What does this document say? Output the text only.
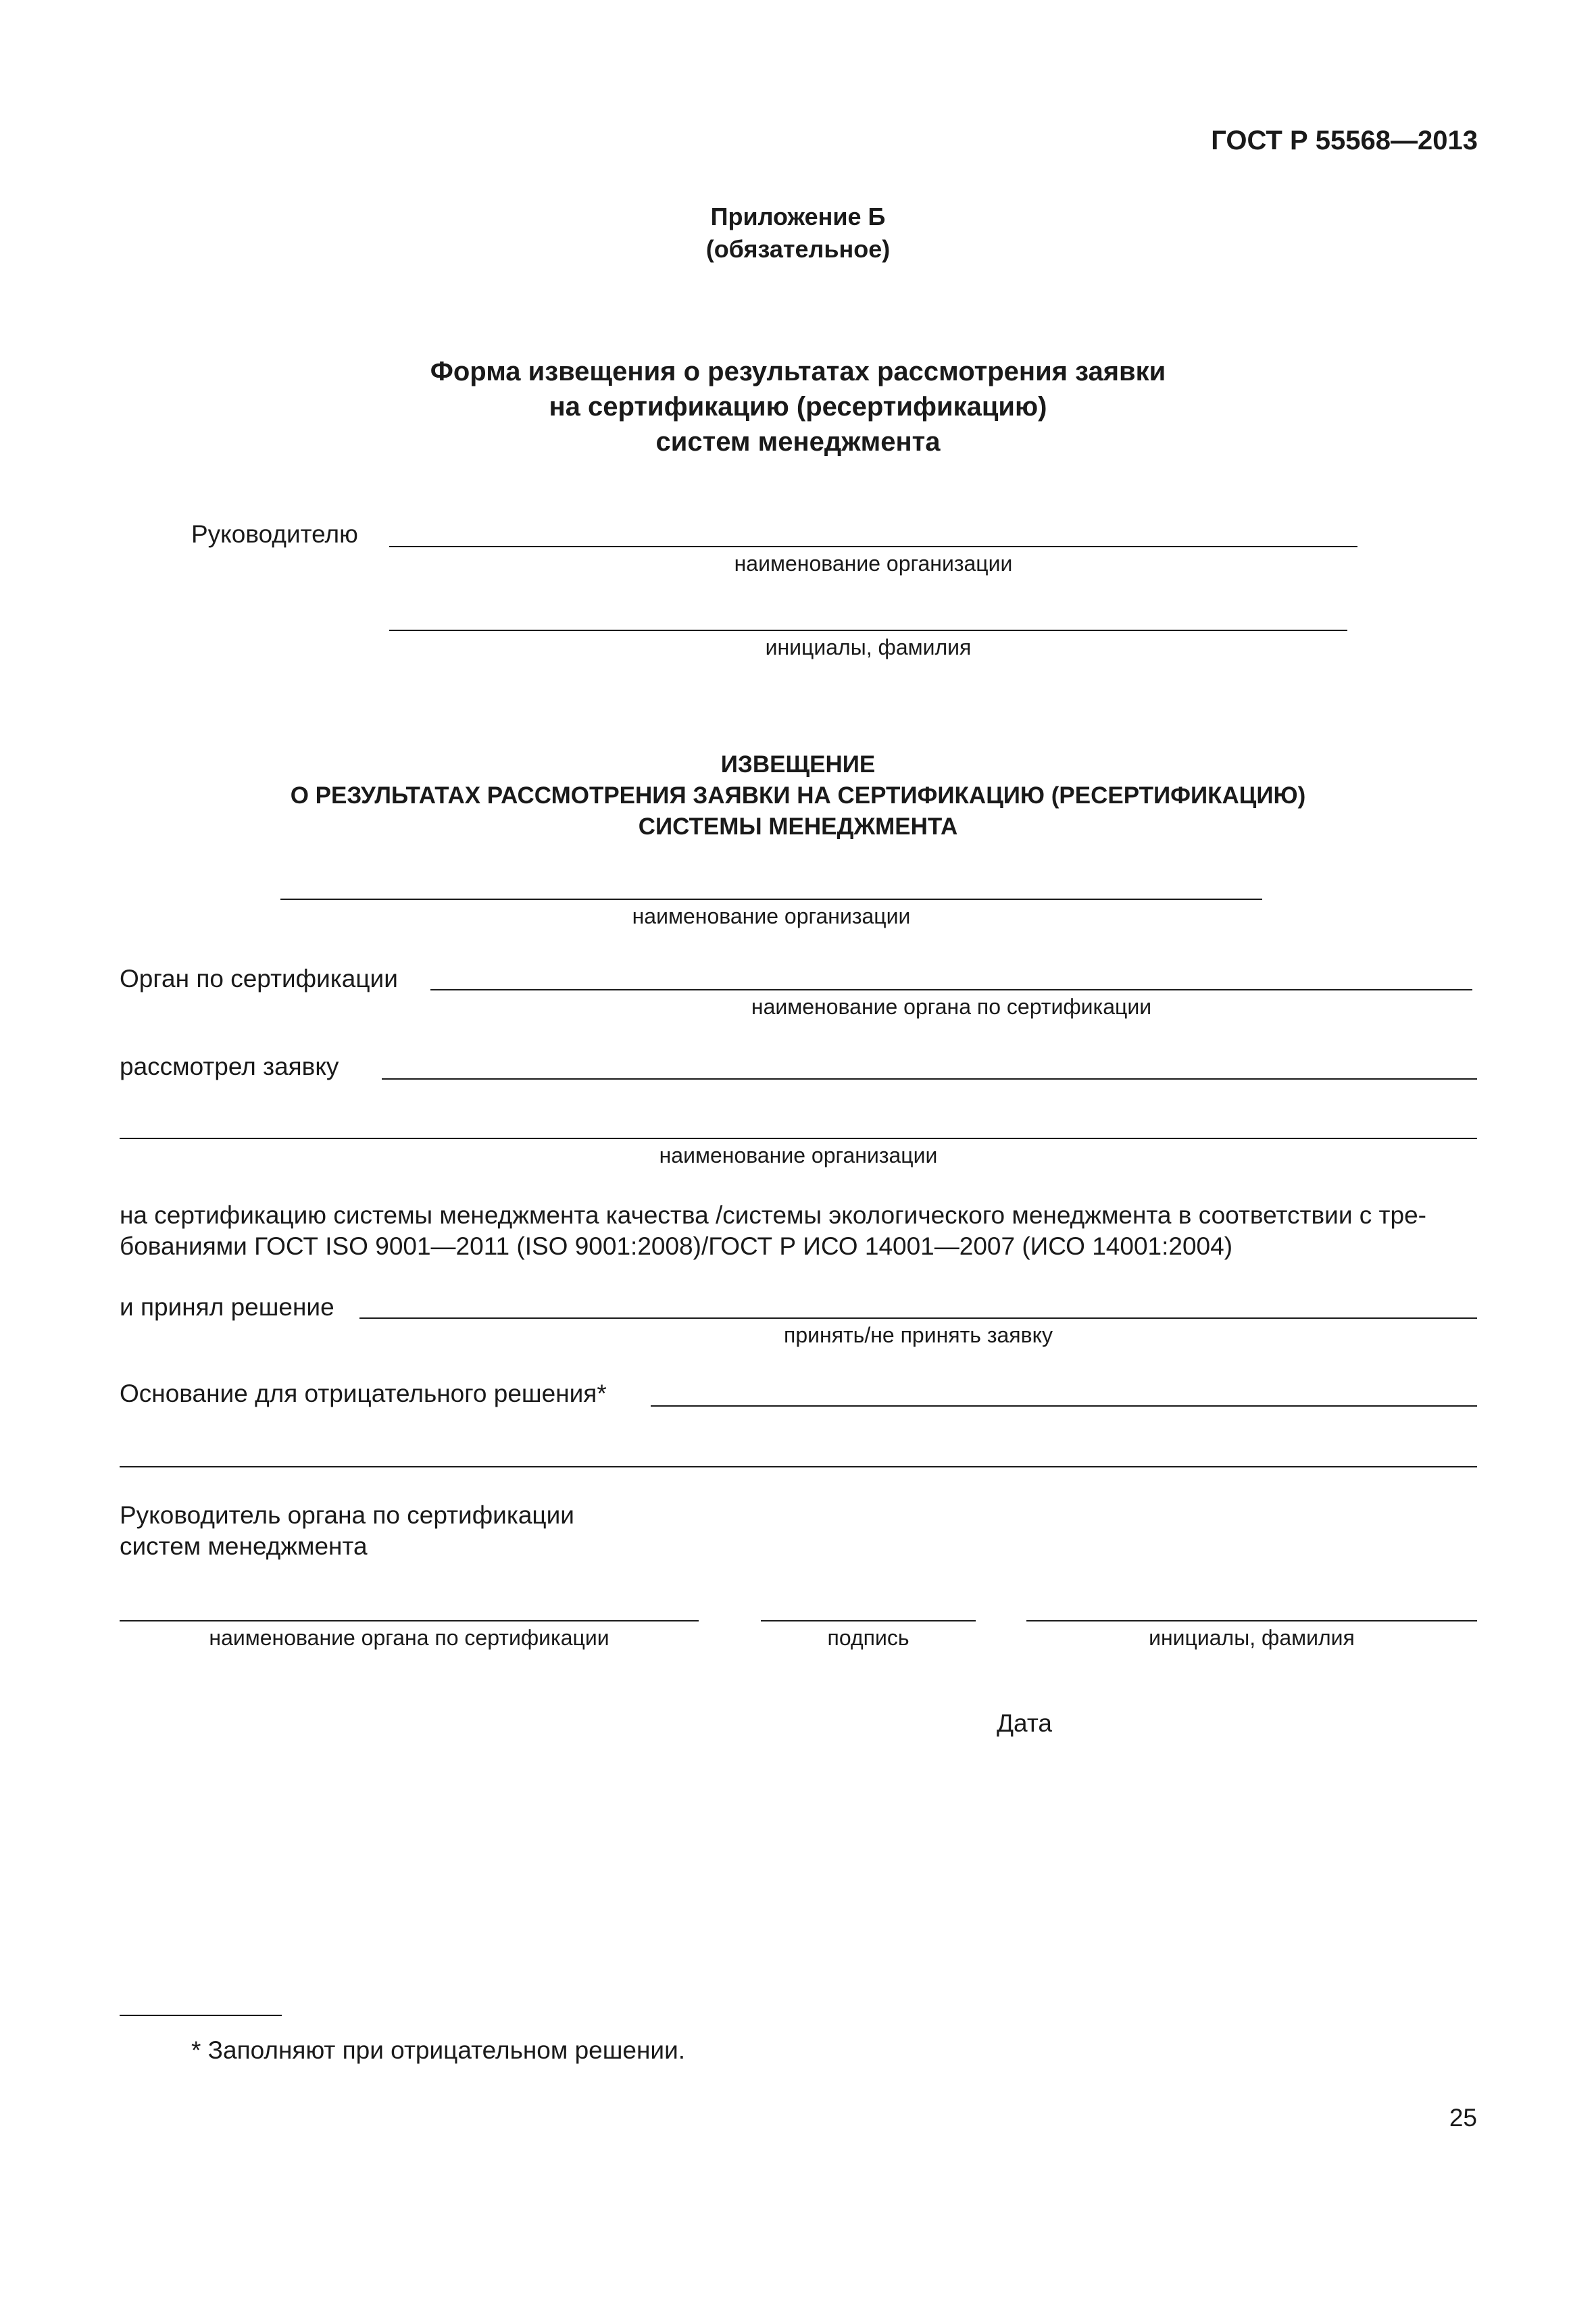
ГОСТ Р 55568—2013
Приложение Б
(обязательное)
Форма извещения о результатах рассмотрения заявки
на сертификацию (ресертификацию)
систем менеджмента
Руководителю
наименование организации
инициалы, фамилия
ИЗВЕЩЕНИЕ
О РЕЗУЛЬТАТАХ РАССМОТРЕНИЯ ЗАЯВКИ НА СЕРТИФИКАЦИЮ (РЕСЕРТИФИКАЦИЮ)
СИСТЕМЫ МЕНЕДЖМЕНТА
наименование организации
Орган по сертификации
наименование органа по сертификации
рассмотрел заявку
наименование организации
на сертификацию системы менеджмента качества /системы экологического менеджмента в соответствии с тре-
бованиями ГОСТ ISO 9001—2011 (ISO 9001:2008)/ГОСТ Р ИСО 14001—2007 (ИСО 14001:2004)
и принял решение
принять/не принять заявку
Основание для отрицательного решения*
Руководитель органа по сертификации
систем менеджмента
наименование органа по сертификации	подпись	инициалы, фамилия
Дата
* Заполняют при отрицательном решении.
25
